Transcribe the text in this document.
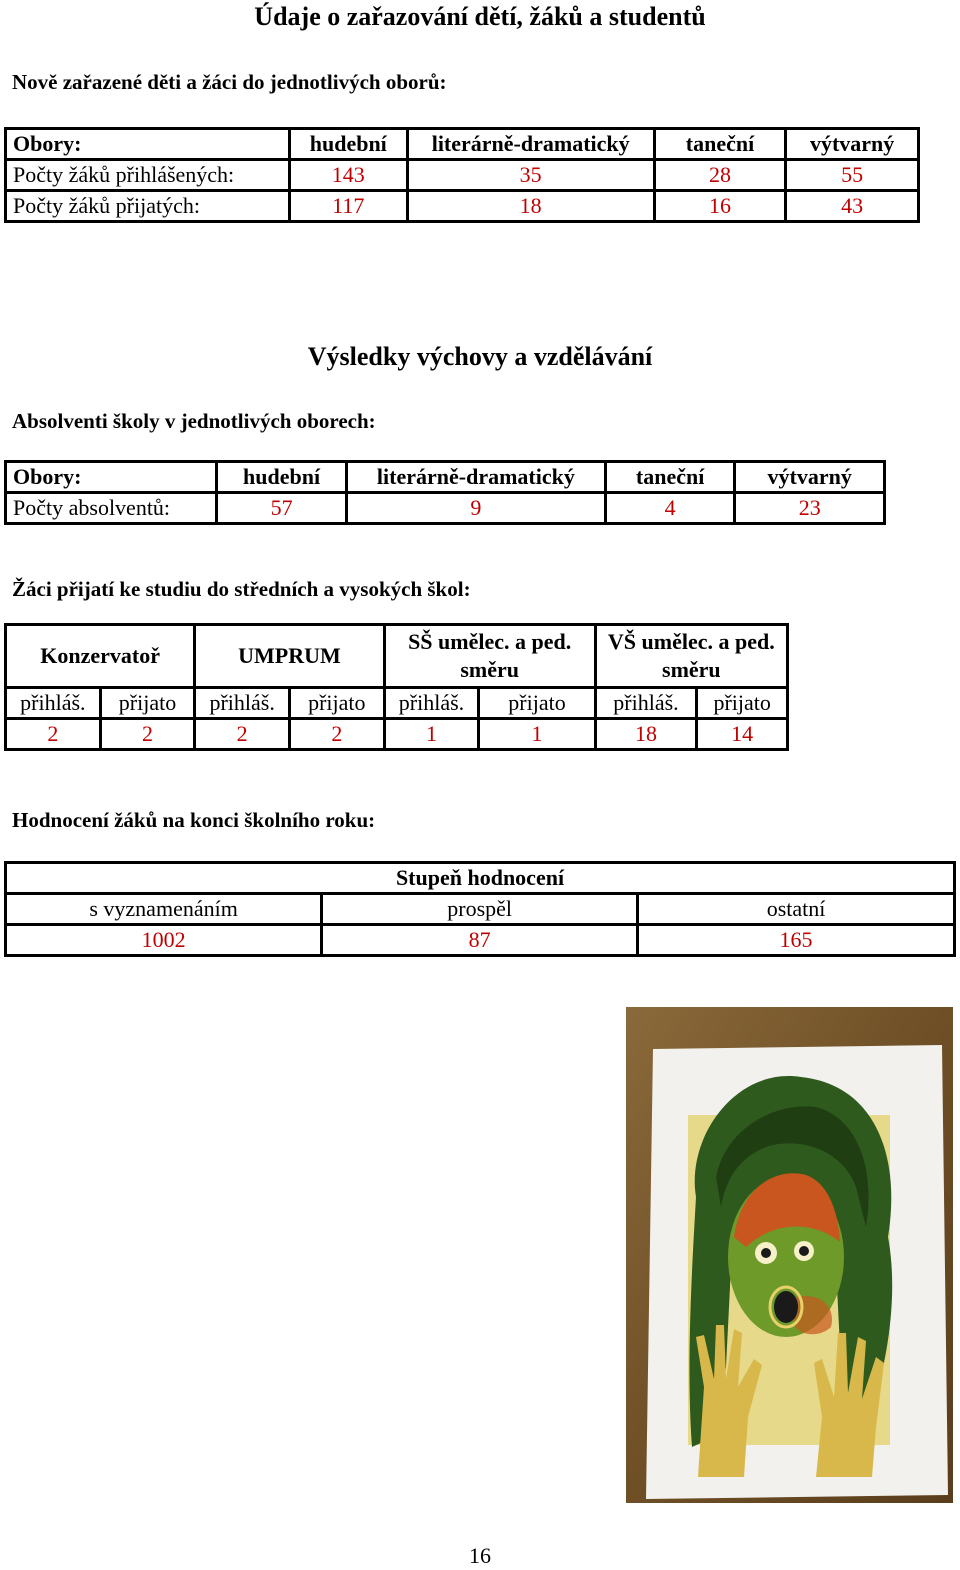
Údaje o zařazování dětí, žáků a studentů
Nově zařazené děti a žáci do jednotlivých oborů:
Obory:	hudební	literárně-dramatický	taneční	výtvarný
Počty žáků přihlášených:	143	35	28	55
Počty žáků přijatých:	117	18	16	43
Výsledky výchovy a vzdělávání
Absolventi školy v jednotlivých oborech:
Obory:	hudební	literárně-dramatický	taneční	výtvarný
Počty absolventů:	57	9	4	23
Žáci přijatí ke studiu do středních a vysokých škol:
Konzervatoř		UMPRUM		SŠ umělec. a ped. směru		VŠ umělec. a ped. směru	
přihláš.	přijato	přihláš.	přijato	přihláš.	přijato	přihláš.	přijato
2	2	2	2	1	1	18	14
Hodnocení žáků na konci školního roku:
Stupeň hodnocení		
s vyznamenáním	prospěl	ostatní
1002	87	165
16
